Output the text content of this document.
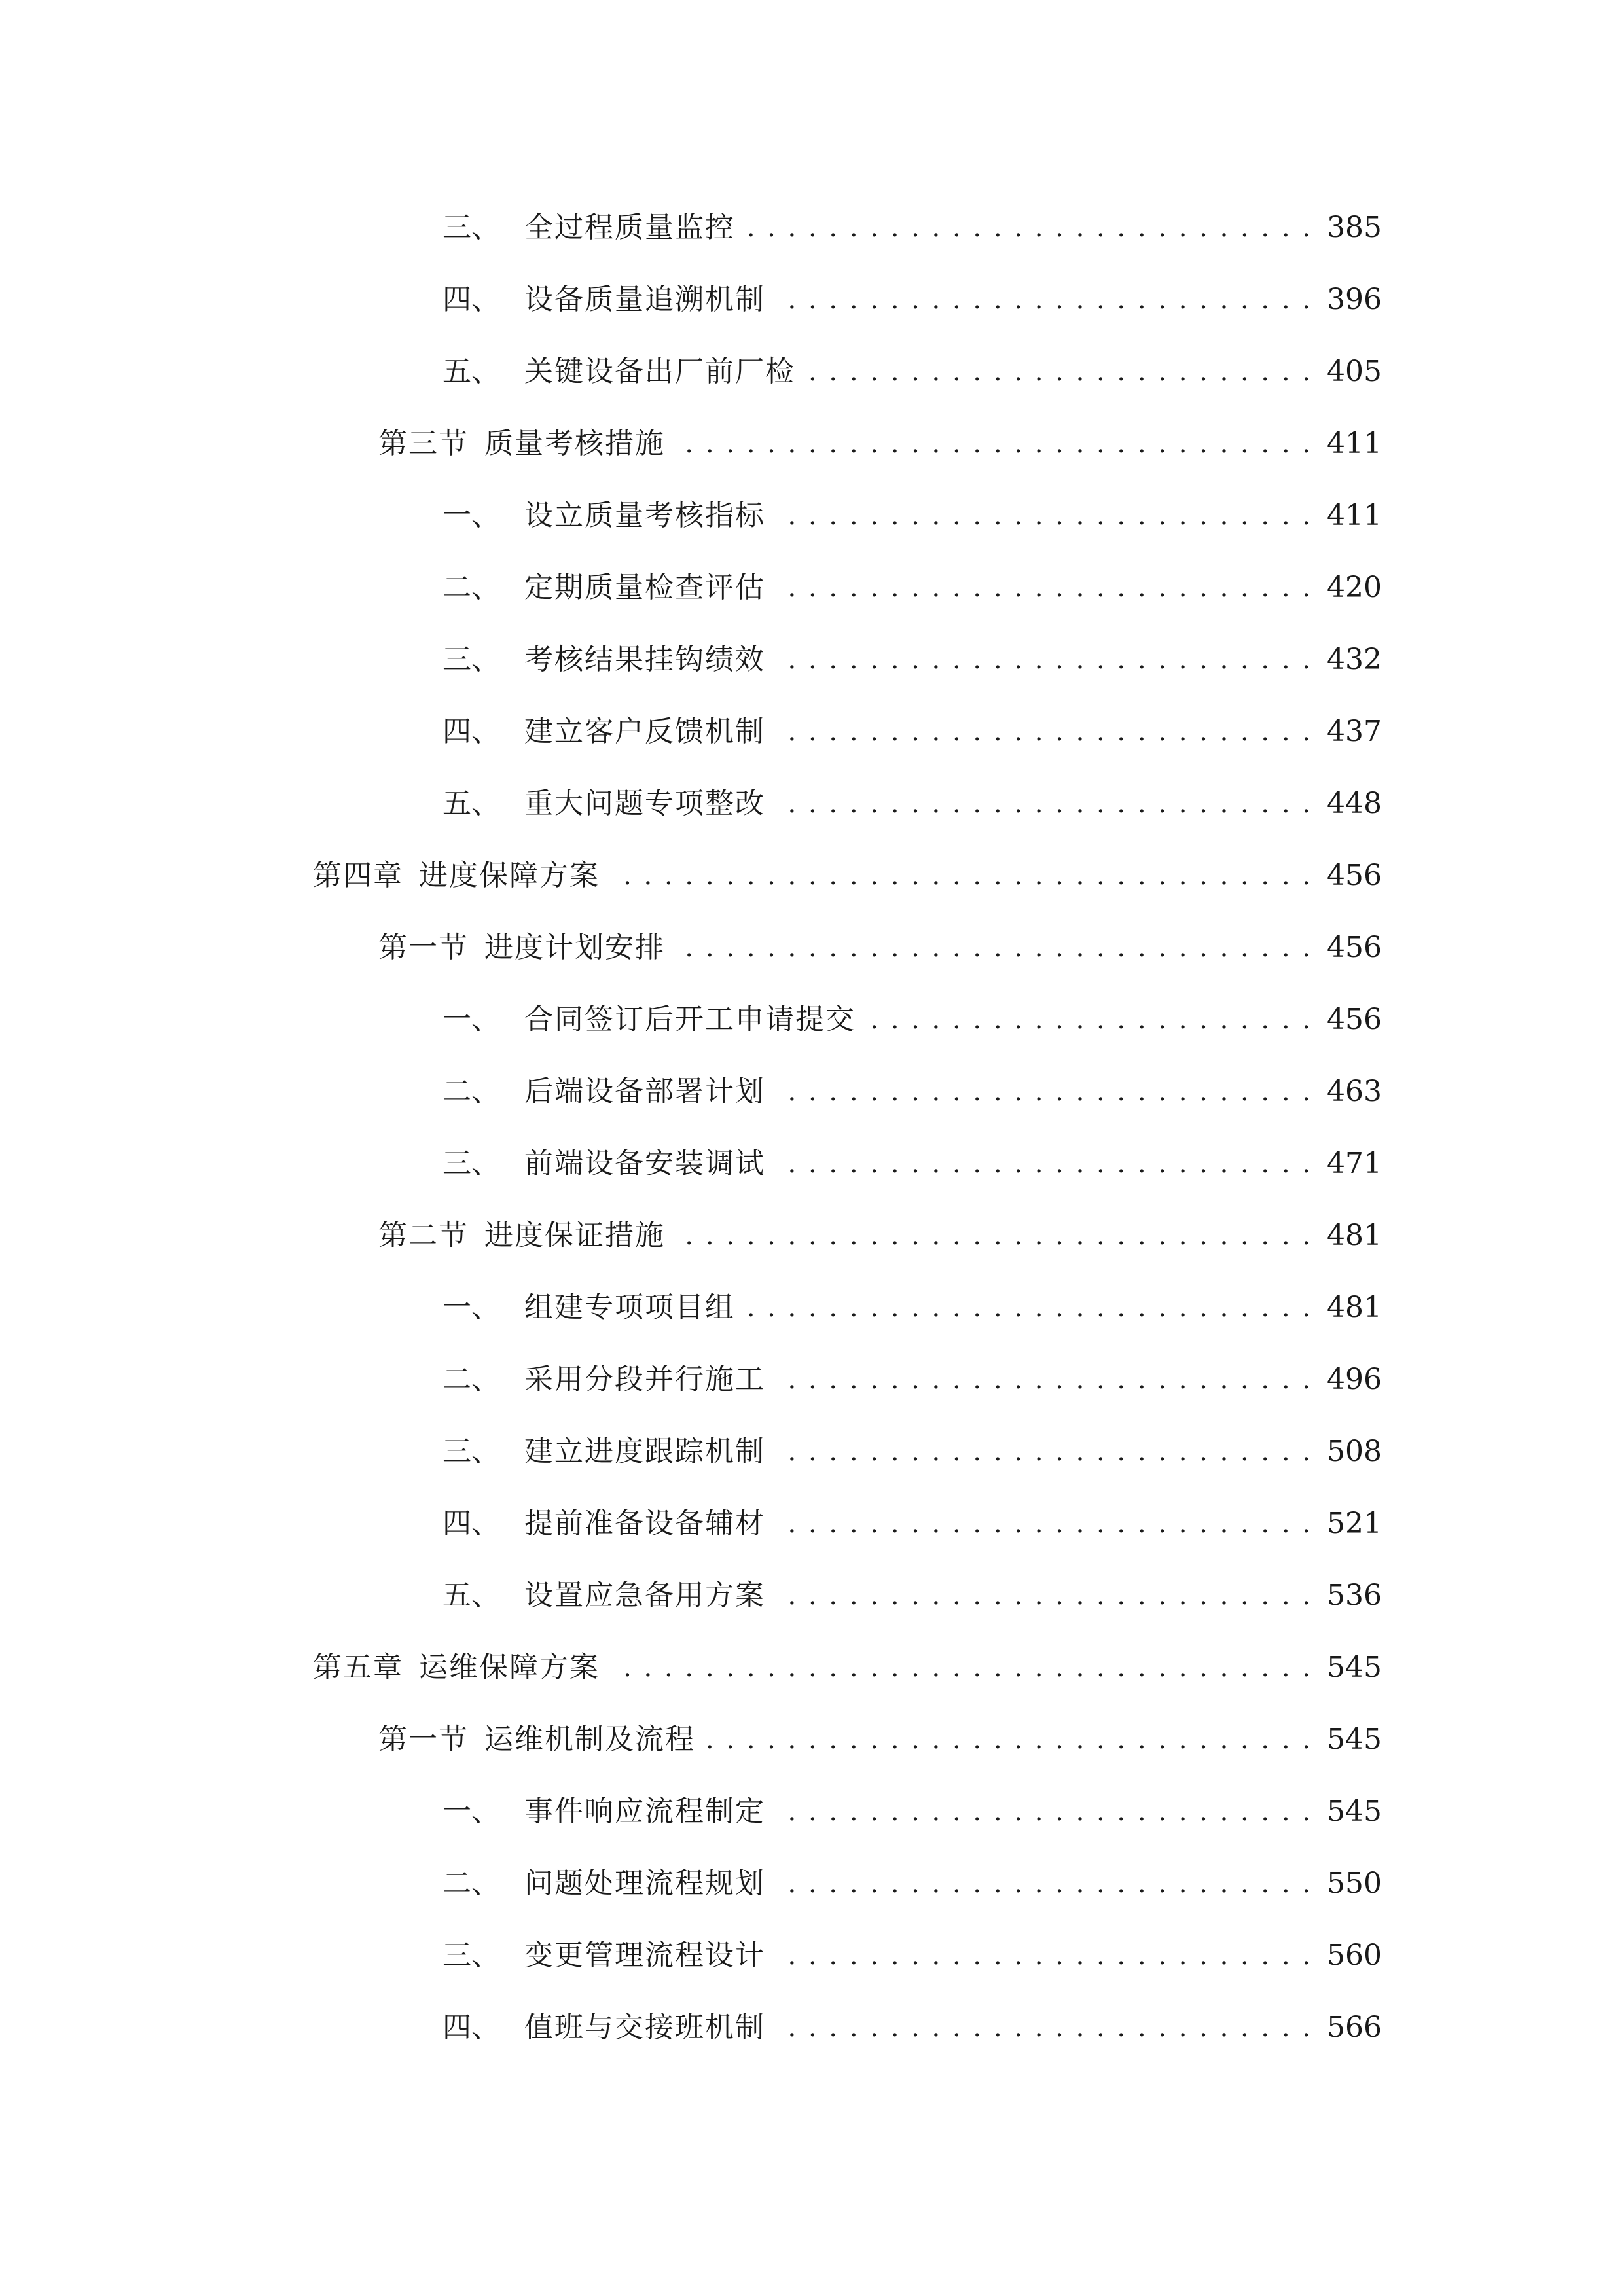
三、 全过程质量监控 . . .	385
四、 设备质量追溯机制 . . .	396
五、 关键设备出厂前厂检 . . .	405
第三节 质量考核措施 . . .	411
一、 设立质量考核指标 . . .	411
二、 定期质量检查评估 . . .	420
三、 考核结果挂钩绩效 . . .	432
四、 建立客户反馈机制 . . .	437
五、 重大问题专项整改 . . .	448
第四章 进度保障方案 . . .	456
第一节 进度计划安排 . . .	456
一、 合同签订后开工申请提交 . . .	456
二、 后端设备部署计划 . . .	463
三、 前端设备安装调试 . . .	471
第二节 进度保证措施 . . .	481
一、 组建专项项目组 . . .	481
二、 采用分段并行施工 . . .	496
三、 建立进度跟踪机制 . . .	508
四、 提前准备设备辅材 . . .	521
五、 设置应急备用方案 . . .	536
第五章 运维保障方案 . . .	545
第一节 运维机制及流程 . . .	545
一、 事件响应流程制定 . . .	545
二、 问题处理流程规划 . . .	550
三、 变更管理流程设计 . . .	560
四、 值班与交接班机制 . . .	566
